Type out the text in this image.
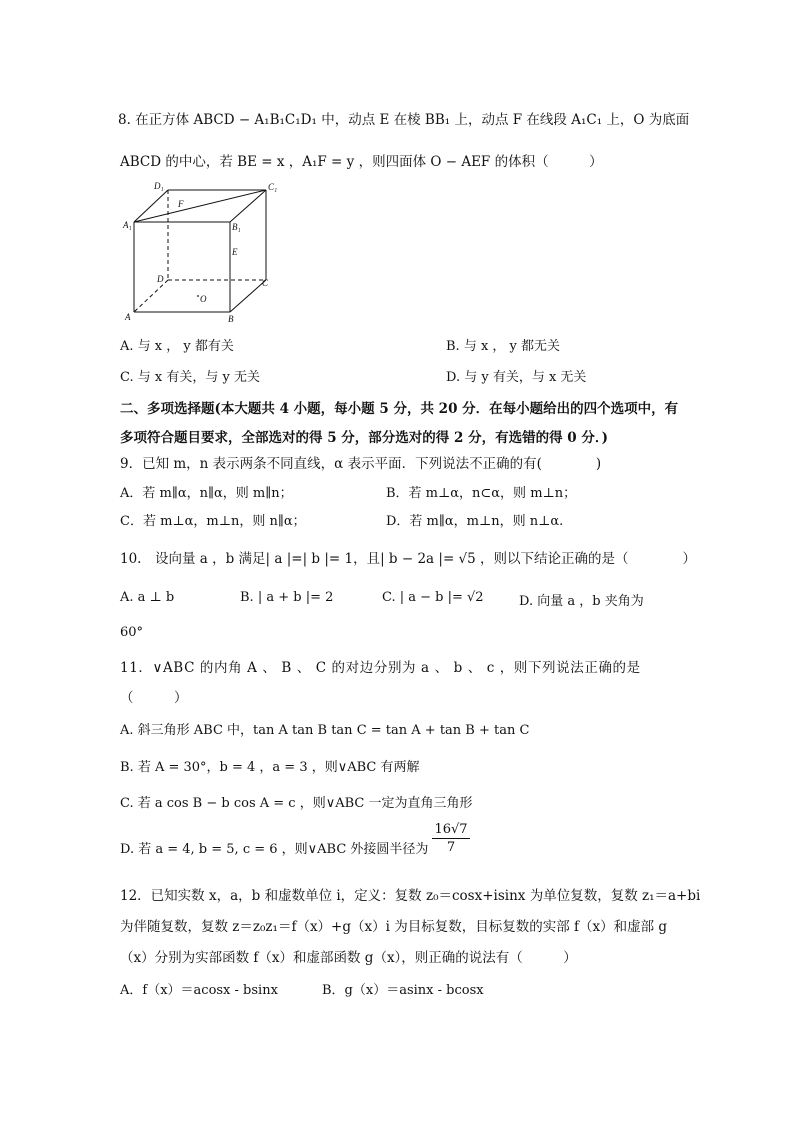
8. 在正方体 ABCD − A₁B₁C₁D₁ 中，动点 E 在棱 BB₁ 上，动点 F 在线段 A₁C₁ 上，O 为底面
ABCD 的中心，若 BE = x ，A₁F = y ，则四面体 O − AEF 的体积（　　　）
D₁	C₁
A₁	B₁
F
E
D	C
O
A	B
A. 与 x ， y 都有关	B. 与 x ， y 都无关
C. 与 x 有关，与 y 无关	D. 与 y 有关，与 x 无关
二、多项选择题(本大题共 4 小题，每小题 5 分，共 20 分．在每小题给出的四个选项中，有
多项符合题目要求，全部选对的得 5 分，部分选对的得 2 分，有选错的得 0 分．)
9．已知 m，n 表示两条不同直线，α 表示平面．下列说法不正确的有(　　　　)
A．若 m∥α，n∥α，则 m∥n；	B．若 m⊥α，n⊂α，则 m⊥n；
C．若 m⊥α，m⊥n，则 n∥α；	D．若 m∥α，m⊥n，则 n⊥α.
10.　设向量 a ，b 满足| a |=| b |= 1，且| b − 2a |= √5 ，则以下结论正确的是（　　　　）
A. a ⊥ b	B. | a + b |= 2	C. | a − b |= √2	D. 向量 a ，b 夹角为
60°
11．∨ABC 的内角 A 、 B 、 C 的对边分别为 a 、 b 、 c ，则下列说法正确的是
（　　　）
A. 斜三角形 ABC 中，tan A tan B tan C = tan A + tan B + tan C
B. 若 A = 30°，b = 4 ，a = 3 ，则∨ABC 有两解
C. 若 a cos B − b cos A = c ，则∨ABC 一定为直角三角形
D. 若 a = 4, b = 5, c = 6 ，则∨ABC 外接圆半径为 $\frac{16√7}{7}$
12．已知实数 x，a，b 和虚数单位 i，定义：复数 z₀＝cosx+isinx 为单位复数，复数 z₁＝a+bi
为伴随复数，复数 z＝z₀z₁＝f（x）+g（x）i 为目标复数，目标复数的实部 f（x）和虚部 g
（x）分别为实部函数 f（x）和虚部函数 g（x），则正确的说法有（　　　）
A．f（x）＝acosx - bsinx	B．g（x）＝asinx - bcosx
